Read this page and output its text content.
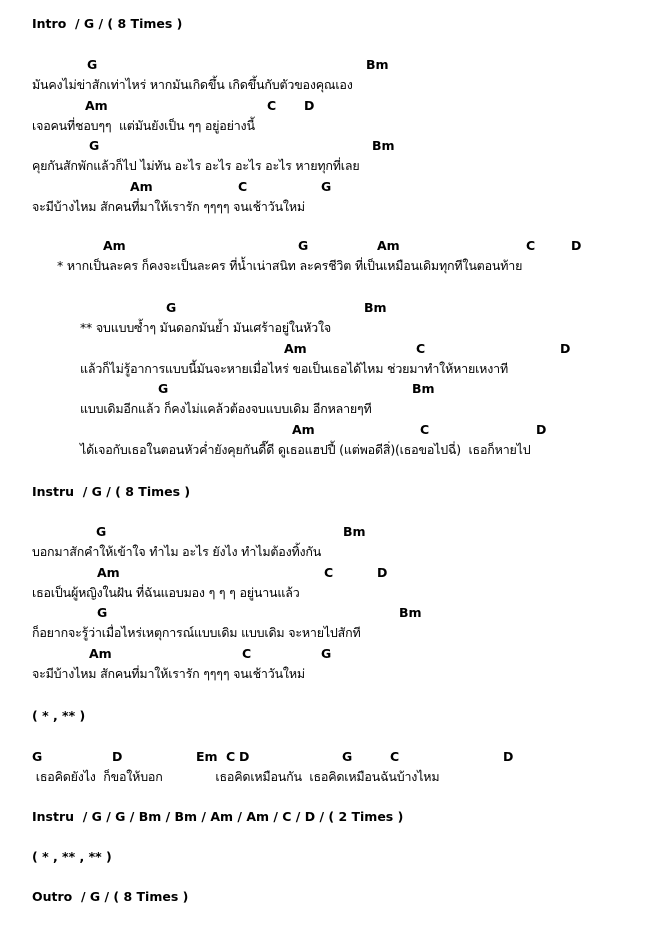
Intro  / G / ( 8 Times )
G	Bm
มันคงไม่ข่าสักเท่าไหร่ หากมันเกิดขึ้น เกิดขึ้นกับตัวของคุณเอง
Am	C D
เจอคนที่ชอบๆๆ  แต่มันยังเป็น ๆๆ อยู่อย่างนี้
G	Bm
คุยกันสักพักแล้วก็ไป ไม่ทัน อะไร อะไร อะไร อะไร หายทุกที่เลย
Am	C	G
จะมีบ้างไหม สักคนที่มาให้เรารัก ๆๆๆๆ จนเช้าวันใหม่
Am	G	Am	C	D
* หากเป็นละคร ก็คงจะเป็นละคร ที่น้ำเน่าสนิท ละครชีวิต ที่เป็นเหมือนเดิมทุกทีในตอนท้าย
G	Bm
** จบแบบซ้ำๆ มันดอกมันย้ำ มันเศร้าอยู่ในหัวใจ
Am	C	D
แล้วก็ไม่รู้อาการแบบนี้มันจะหายเมื่อไหร่ ขอเป็นเธอได้ไหม ช่วยมาทำให้หายเหงาที
G	Bm
แบบเดิมอีกแล้ว ก็คงไม่แคล้วต้องจบแบบเดิม อีกหลายๆที
Am	C	D
ได้เจอกับเธอในตอนหัวค่ำยังคุยกันดี๊ดี ดูเธอแฮปปี้ (แต่พอดีสิ่)(เธอขอไปฉี่)  เธอก็หายไป
Instru  / G / ( 8 Times )
G	Bm
บอกมาสักคำให้เข้าใจ ทำไม อะไร ยังไง ทำไมต้องทิ้งกัน
Am	C	D
เธอเป็นผู้หญิงในฝัน ที่ฉันแอบมอง ๆ ๆ ๆ อยู่นานแล้ว
G	Bm
ก็อยากจะรู้ว่าเมื่อไหร่เหตุการณ์แบบเดิม แบบเดิม จะหายไปสักที
Am	C	G
จะมีบ้างไหม สักคนที่มาให้เรารัก ๆๆๆๆ จนเช้าวันใหม่
( * , ** )
G	D	Em C D	G	C	D
เธอคิดยังไง  ก็ขอให้บอก              เธอคิดเหมือนกัน  เธอคิดเหมือนฉันบ้างไหม
Instru  / G / G / Bm / Bm / Am / Am / C / D / ( 2 Times )
( * , ** , ** )
Outro  / G / ( 8 Times )
